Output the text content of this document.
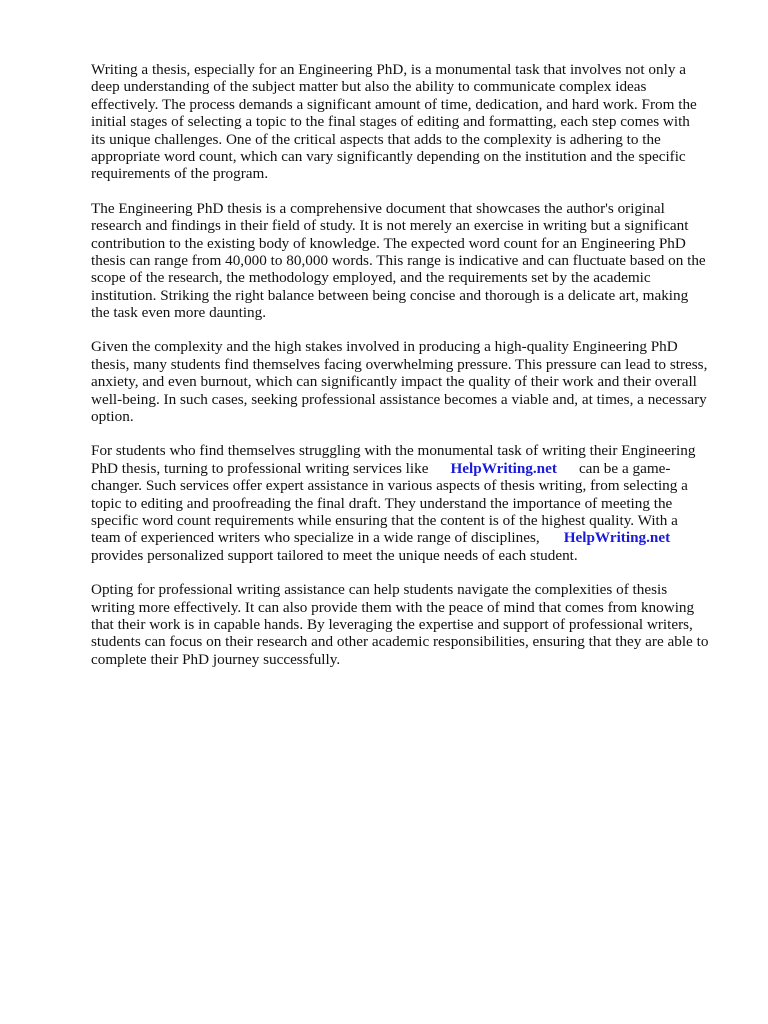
Writing a thesis, especially for an Engineering PhD, is a monumental task that involves not only a
deep understanding of the subject matter but also the ability to communicate complex ideas
effectively. The process demands a significant amount of time, dedication, and hard work. From the
initial stages of selecting a topic to the final stages of editing and formatting, each step comes with
its unique challenges. One of the critical aspects that adds to the complexity is adhering to the
appropriate word count, which can vary significantly depending on the institution and the specific
requirements of the program.

The Engineering PhD thesis is a comprehensive document that showcases the author's original
research and findings in their field of study. It is not merely an exercise in writing but a significant
contribution to the existing body of knowledge. The expected word count for an Engineering PhD
thesis can range from 40,000 to 80,000 words. This range is indicative and can fluctuate based on the
scope of the research, the methodology employed, and the requirements set by the academic
institution. Striking the right balance between being concise and thorough is a delicate art, making
the task even more daunting.

Given the complexity and the high stakes involved in producing a high-quality Engineering PhD
thesis, many students find themselves facing overwhelming pressure. This pressure can lead to stress,
anxiety, and even burnout, which can significantly impact the quality of their work and their overall
well-being. In such cases, seeking professional assistance becomes a viable and, at times, a necessary
option.

For students who find themselves struggling with the monumental task of writing their Engineering
PhD thesis, turning to professional writing services like HelpWriting.net can be a game-
changer. Such services offer expert assistance in various aspects of thesis writing, from selecting a
topic to editing and proofreading the final draft. They understand the importance of meeting the
specific word count requirements while ensuring that the content is of the highest quality. With a
team of experienced writers who specialize in a wide range of disciplines, HelpWriting.net
provides personalized support tailored to meet the unique needs of each student.

Opting for professional writing assistance can help students navigate the complexities of thesis
writing more effectively. It can also provide them with the peace of mind that comes from knowing
that their work is in capable hands. By leveraging the expertise and support of professional writers,
students can focus on their research and other academic responsibilities, ensuring that they are able to
complete their PhD journey successfully.
